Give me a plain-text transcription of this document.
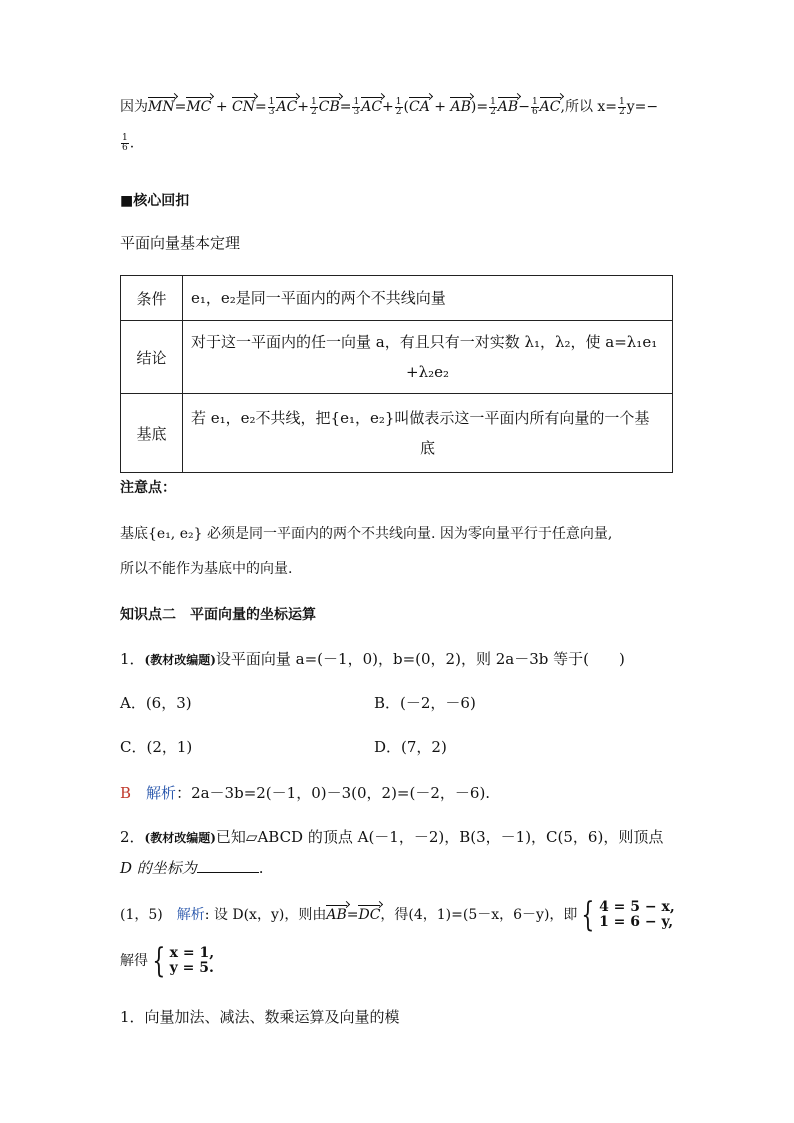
因为$MN=MC + CN= \frac{1}{3} AC+ \frac{1}{2} CB= \frac{1}{3} AC+ \frac{1}{2} (CA + AB)= \frac{1}{2} AB- \frac{1}{6}$ AC,所以 $x= \frac{1}{2} y=-$
$\frac{1}{6}$ .
■核心回扣
平面向量基本定理
条件	e₁，e₂是同一平面内的两个不共线向量
结论	对于这一平面内的任一向量 a，有且只有一对实数 λ₁，λ₂，使 a=λ₁e₁
+λ₂e₂

基底	若 e₁，e₂不共线，把{e₁，e₂}叫做表示这一平面内所有向量的一个基
底
注意点：
基底{e₁, e₂} 必须是同一平面内的两个不共线向量. 因为零向量平行于任意向量,
所以不能作为基底中的向量.
知识点二　平面向量的坐标运算
1．(教材改编题)设平面向量 a=(－1，0)，b=(0，2)，则 2a－3b 等于(　　)
A．(6，3)	B．(－2，－6)
C．(2，1)	D．(7，2)
B　 解析：2a－3b=2(－1，0)－3(0，2)=(－2，－6).
2．(教材改编题)已知▱ABCD 的顶点 A(－1，－2)，B(3，－1)，C(5，6)，则顶点
D 的坐标为	.
(1，5)　 解析: 设 D(x，y)，则由AB=DC，得(4，1)=(5－x，6－y)，即 { 4 = 5 − x,
1 = 6 − y,
解得 { x = 1,
y = 5.
1．向量加法、减法、数乘运算及向量的模
